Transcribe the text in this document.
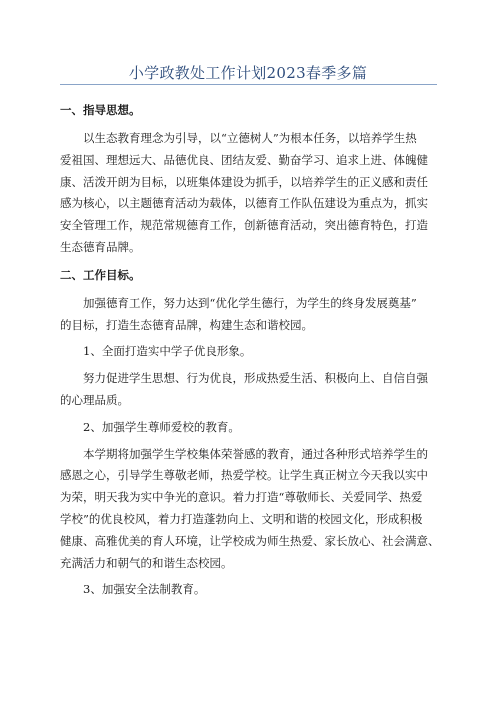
小学政教处工作计划2023春季多篇
一、指导思想。

以生态教育理念为引导，以“立德树人”为根本任务，以培养学生热
爱祖国、理想远大、品德优良、团结友爱、勤奋学习、追求上进、体魄健
康、活泼开朗为目标，以班集体建设为抓手，以培养学生的正义感和责任
感为核心，以主题德育活动为载体，以德育工作队伍建设为重点为，抓实
安全管理工作，规范常规德育工作，创新德育活动，突出德育特色，打造
生态德育品牌。

二、工作目标。

加强德育工作，努力达到“优化学生德行，为学生的终身发展奠基”
的目标，打造生态德育品牌，构建生态和谐校园。

1、全面打造实中学子优良形象。

努力促进学生思想、行为优良，形成热爱生活、积极向上、自信自强
的心理品质。

2、加强学生尊师爱校的教育。

本学期将加强学生学校集体荣誉感的教育，通过各种形式培养学生的
感恩之心，引导学生尊敬老师，热爱学校。让学生真正树立今天我以实中
为荣，明天我为实中争光的意识。着力打造“尊敬师长、关爱同学、热爱
学校”的优良校风，着力打造蓬勃向上、文明和谐的校园文化，形成积极
健康、高雅优美的育人环境，让学校成为师生热爱、家长放心、社会满意、
充满活力和朝气的和谐生态校园。

3、加强安全法制教育。
